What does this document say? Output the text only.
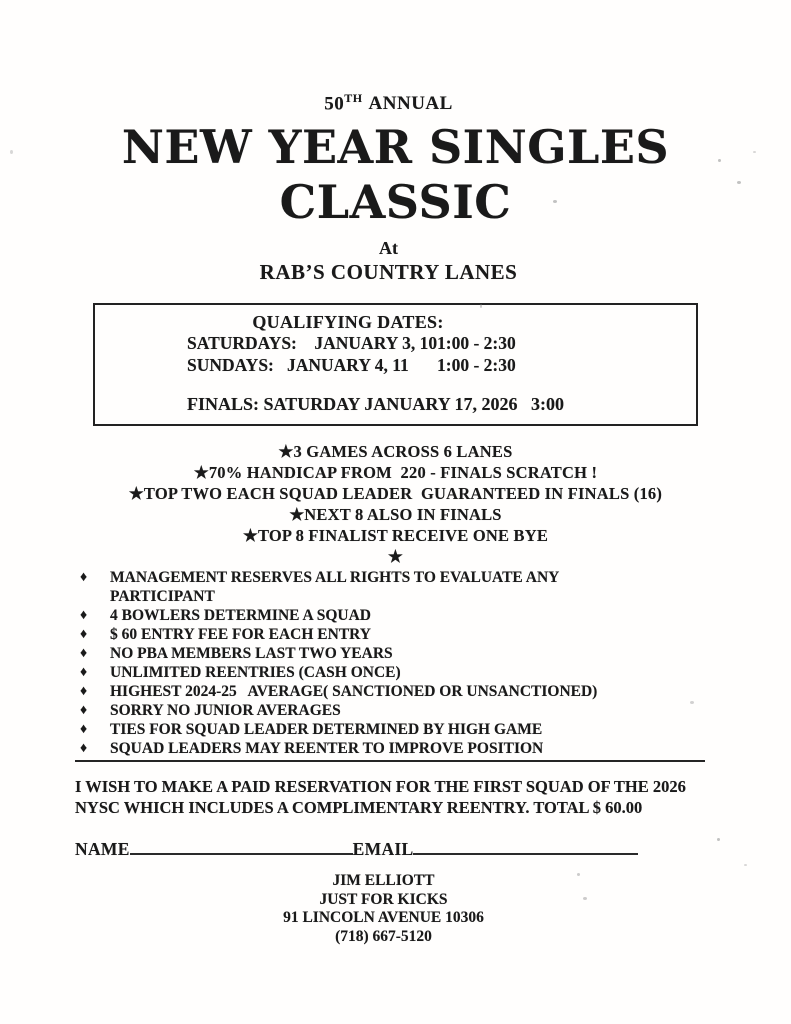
50TH ANNUAL
NEW YEAR SINGLES
CLASSIC
At
RAB’S COUNTRY LANES
QUALIFYING DATES:
SATURDAYS:    JANUARY 3, 101:00 - 2:30
SUNDAYS:   JANUARY 4, 11 1:00 - 2:30
FINALS: SATURDAY JANUARY 17, 2026   3:00
★3 GAMES ACROSS 6 LANES
★70% HANDICAP FROM  220 - FINALS SCRATCH !
★TOP TWO EACH SQUAD LEADER  GUARANTEED IN FINALS (16)
★NEXT 8 ALSO IN FINALS
★TOP 8 FINALIST RECEIVE ONE BYE
★
♦	MANAGEMENT RESERVES ALL RIGHTS TO EVALUATE ANY PARTICIPANT
♦	4 BOWLERS DETERMINE A SQUAD
♦	$ 60 ENTRY FEE FOR EACH ENTRY
♦	NO PBA MEMBERS LAST TWO YEARS
♦	UNLIMITED REENTRIES (CASH ONCE)
♦	HIGHEST 2024-25   AVERAGE( SANCTIONED OR UNSANCTIONED)
♦	SORRY NO JUNIOR AVERAGES
♦	TIES FOR SQUAD LEADER DETERMINED BY HIGH GAME
♦	SQUAD LEADERS MAY REENTER TO IMPROVE POSITION
I WISH TO MAKE A PAID RESERVATION FOR THE FIRST SQUAD OF THE 2026 NYSC WHICH INCLUDES A COMPLIMENTARY REENTRY. TOTAL $ 60.00
NAME	EMAIL
JIM ELLIOTT
JUST FOR KICKS
91 LINCOLN AVENUE 10306
(718) 667-5120
